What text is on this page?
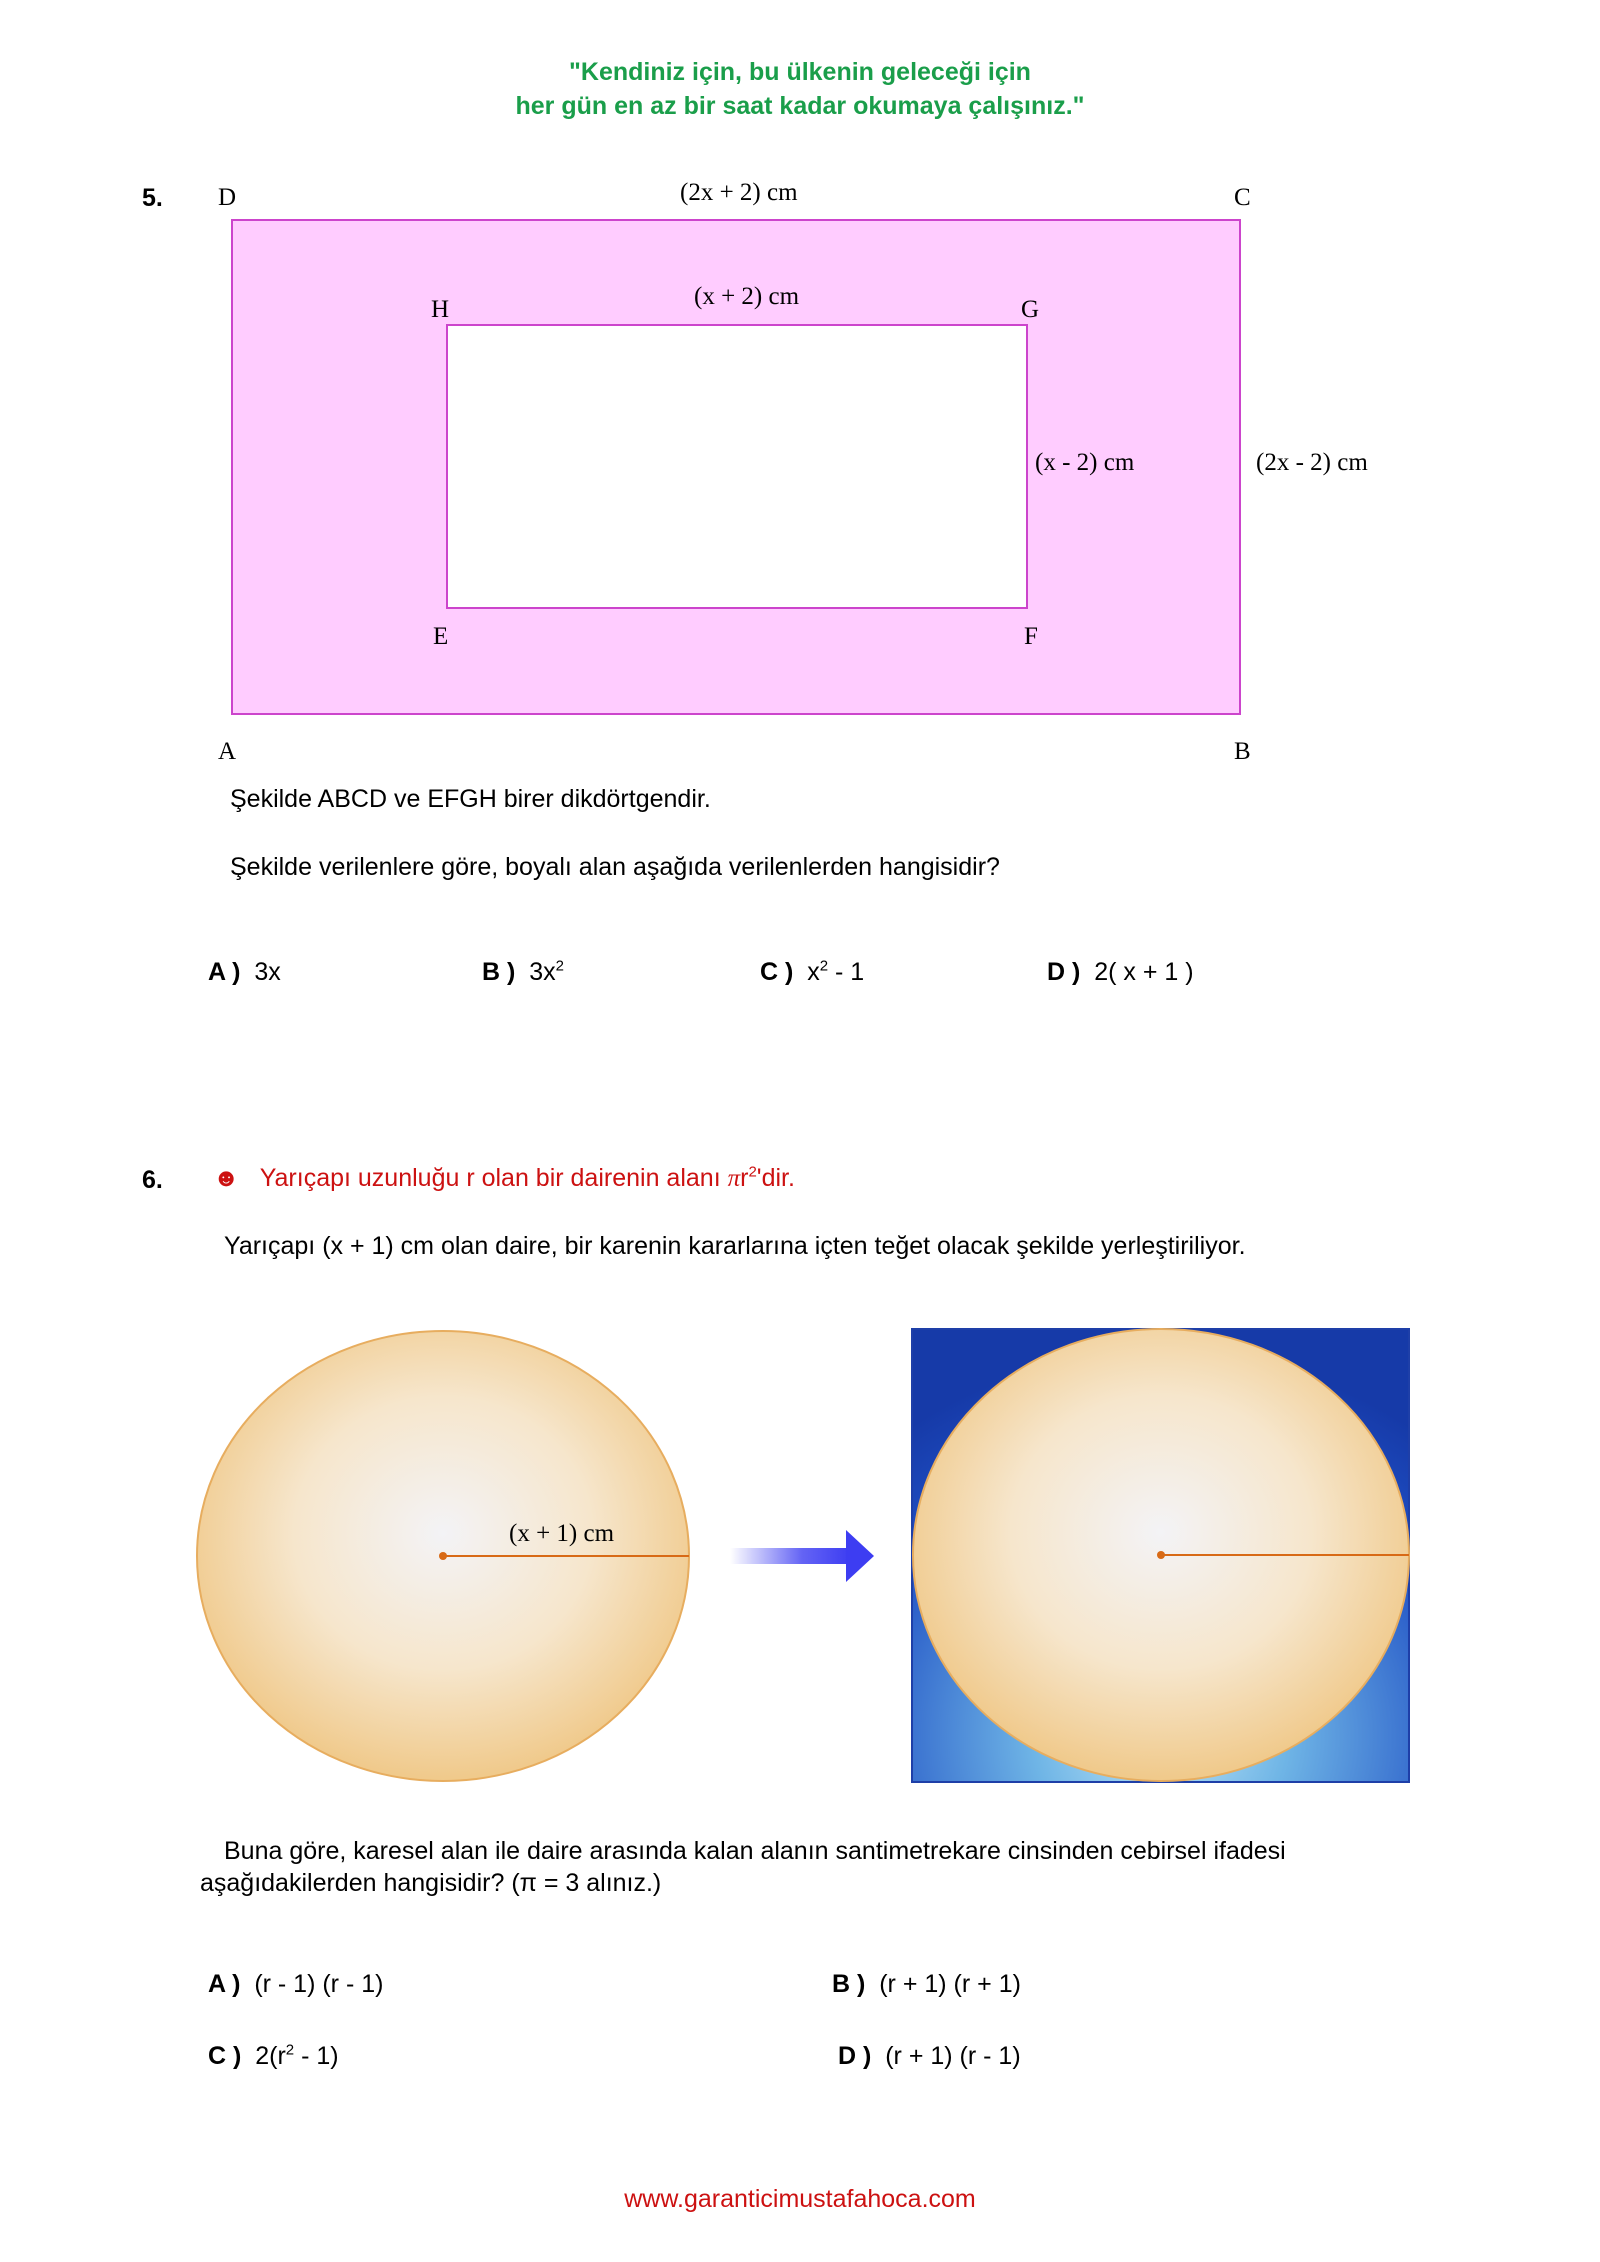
"Kendiniz için, bu ülkenin geleceği için
her gün en az bir saat kadar okumaya çalışınız."
5. D	C
A	B
H	G
E	F
(2x + 2) cm
(x + 2) cm
(x - 2) cm	(2x - 2) cm
Şekilde ABCD ve EFGH birer dikdörtgendir.
Şekilde verilenlere göre, boyalı alan aşağıda verilenlerden hangisidir?
A ) 3x	B ) $3x^2$	C ) $x^2 - 1$	D ) 2( x + 1 )
6. ☻ Yarıçapı uzunluğu r olan bir dairenin alanı $\pi r^2'dir$.
Yarıçapı (x + 1) cm olan daire, bir karenin kararlarına içten teğet olacak şekilde yerleştiriliyor.
(x + 1) cm
Buna göre, karesel alan ile daire arasında kalan alanın santimetrekare cinsinden cebirsel ifadesi
aşağıdakilerden hangisidir? (π = 3 alınız.)
A ) (r - 1) (r - 1)	B ) (r + 1) (r + 1)
C ) $2(r^2 - 1)$	D ) (r + 1) (r - 1)
www.garanticimustafahoca.com
